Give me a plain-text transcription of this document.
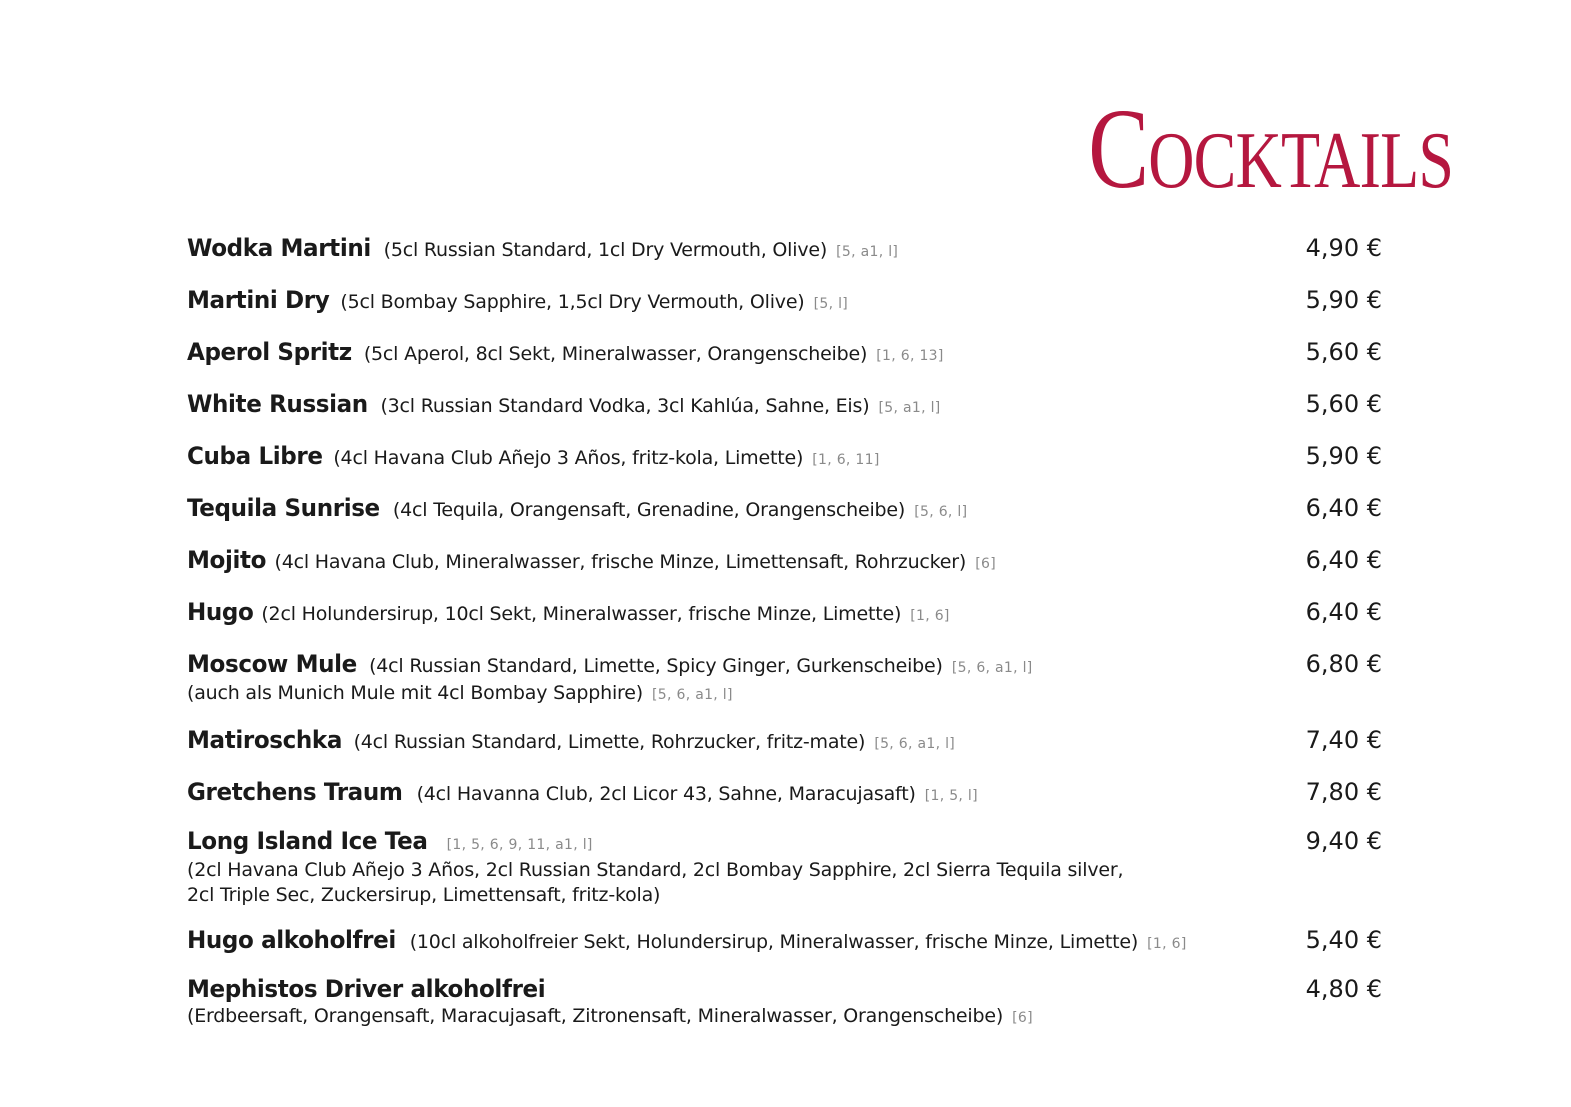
Cocktails
Wodka Martini (5cl Russian Standard, 1cl Dry Vermouth, Olive) [5, a1, l]	4,90 €
Martini Dry (5cl Bombay Sapphire, 1,5cl Dry Vermouth, Olive) [5, l]	5,90 €
Aperol Spritz (5cl Aperol, 8cl Sekt, Mineralwasser, Orangenscheibe) [1, 6, 13]	5,60 €
White Russian (3cl Russian Standard Vodka, 3cl Kahlúa, Sahne, Eis) [5, a1, l]	5,60 €
Cuba Libre (4cl Havana Club Añejo 3 Años, fritz-kola, Limette) [1, 6, 11]	5,90 €
Tequila Sunrise (4cl Tequila, Orangensaft, Grenadine, Orangenscheibe) [5, 6, l]	6,40 €
Mojito (4cl Havana Club, Mineralwasser, frische Minze, Limettensaft, Rohrzucker) [6]	6,40 €
Hugo (2cl Holundersirup, 10cl Sekt, Mineralwasser, frische Minze, Limette) [1, 6]	6,40 €
Moscow Mule (4cl Russian Standard, Limette, Spicy Ginger, Gurkenscheibe) [5, 6, a1, l]
(auch als Munich Mule mit 4cl Bombay Sapphire) [5, 6, a1, l]
6,80 €
Matiroschka (4cl Russian Standard, Limette, Rohrzucker, fritz-mate) [5, 6, a1, l]	7,40 €
Gretchens Traum (4cl Havanna Club, 2cl Licor 43, Sahne, Maracujasaft) [1, 5, l]	7,80 €
Long Island Ice Tea [1, 5, 6, 9, 11, a1, l]
(2cl Havana Club Añejo 3 Años, 2cl Russian Standard, 2cl Bombay Sapphire, 2cl Sierra Tequila silver,
2cl Triple Sec, Zuckersirup, Limettensaft, fritz-kola)
9,40 €
Hugo alkoholfrei (10cl alkoholfreier Sekt, Holundersirup, Mineralwasser, frische Minze, Limette) [1, 6]	5,40 €
Mephistos Driver alkoholfrei
(Erdbeersaft, Orangensaft, Maracujasaft, Zitronensaft, Mineralwasser, Orangenscheibe) [6]
4,80 €
